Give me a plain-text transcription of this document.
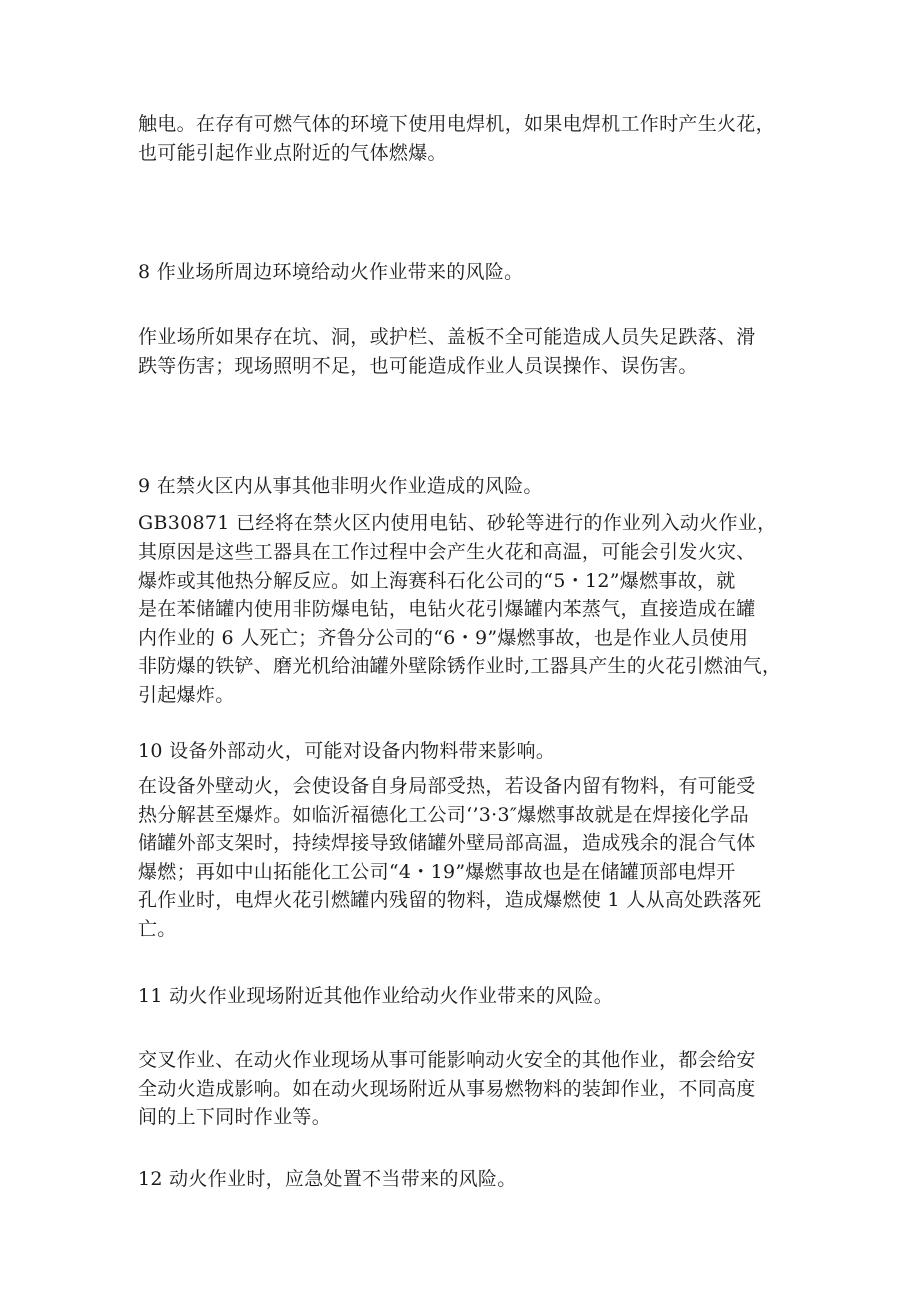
触电。在存有可燃气体的环境下使用电焊机，如果电焊机工作时产生火花，
也可能引起作业点附近的气体燃爆。
8 作业场所周边环境给动火作业带来的风险。
作业场所如果存在坑、洞，或护栏、盖板不全可能造成人员失足跌落、滑
跌等伤害；现场照明不足，也可能造成作业人员误操作、误伤害。
9 在禁火区内从事其他非明火作业造成的风险。
GB30871 已经将在禁火区内使用电钻、砂轮等进行的作业列入动火作业，
其原因是这些工器具在工作过程中会产生火花和高温，可能会引发火灾、
爆炸或其他热分解反应。如上海赛科石化公司的“5・12”爆燃事故，就
是在苯储罐内使用非防爆电钻，电钻火花引爆罐内苯蒸气，直接造成在罐
内作业的 6 人死亡；齐鲁分公司的“6・9”爆燃事故，也是作业人员使用
非防爆的铁铲、磨光机给油罐外壁除锈作业时,工器具产生的火花引燃油气，
引起爆炸。
10 设备外部动火，可能对设备内物料带来影响。
在设备外壁动火，会使设备自身局部受热，若设备内留有物料，有可能受
热分解甚至爆炸。如临沂福德化工公司‘’3·3″爆燃事故就是在焊接化学品
储罐外部支架时，持续焊接导致储罐外壁局部高温，造成残余的混合气体
爆燃；再如中山拓能化工公司“4・19”爆燃事故也是在储罐顶部电焊开
孔作业时，电焊火花引燃罐内残留的物料，造成爆燃使 1 人从高处跌落死
亡。
11 动火作业现场附近其他作业给动火作业带来的风险。
交叉作业、在动火作业现场从事可能影响动火安全的其他作业，都会给安
全动火造成影响。如在动火现场附近从事易燃物料的装卸作业，不同高度
间的上下同时作业等。
12 动火作业时，应急处置不当带来的风险。
